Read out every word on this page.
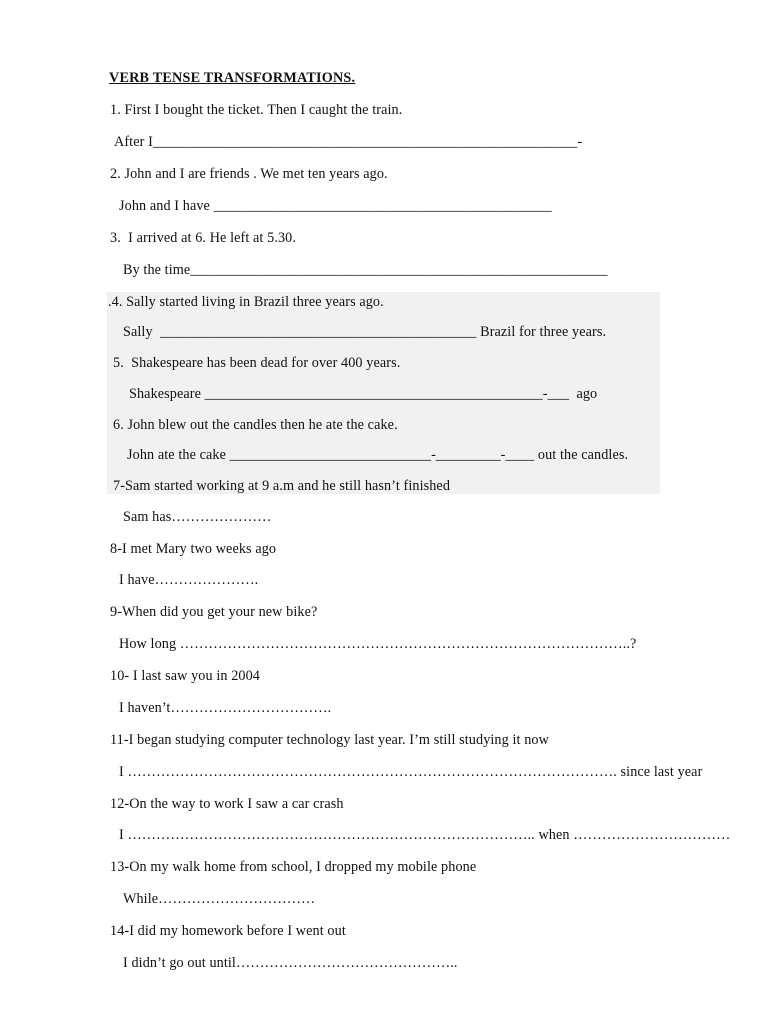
VERB TENSE TRANSFORMATIONS.
1. First I bought the ticket. Then I caught the train.
After I___________________________________________________________-
2. John and I are friends . We met ten years ago.
John and I have _______________________________________________
3.  I arrived at 6. He left at 5.30.
By the time__________________________________________________________
.4. Sally started living in Brazil three years ago.
Sally  ____________________________________________ Brazil for three years.
5.  Shakespeare has been dead for over 400 years.
Shakespeare _______________________________________________-___  ago
6. John blew out the candles then he ate the cake.
John ate the cake ____________________________-_________-____ out the candles.
7-Sam started working at 9 a.m and he still hasn’t finished
Sam has…………………
8-I met Mary two weeks ago
I have………………….
9-When did you get your new bike?
How long …………………………………………………………………………………..?
10- I last saw you in 2004
I haven’t…………………………….
11-I began studying computer technology last year. I’m still studying it now
I …………………………………………………………………………………………. since last year
12-On the way to work I saw a car crash
I ………………………………………………………………………….. when ……………………………
13-On my walk home from school, I dropped my mobile phone
While……………………………
14-I did my homework before I went out
I didn’t go out until………………………………………..
